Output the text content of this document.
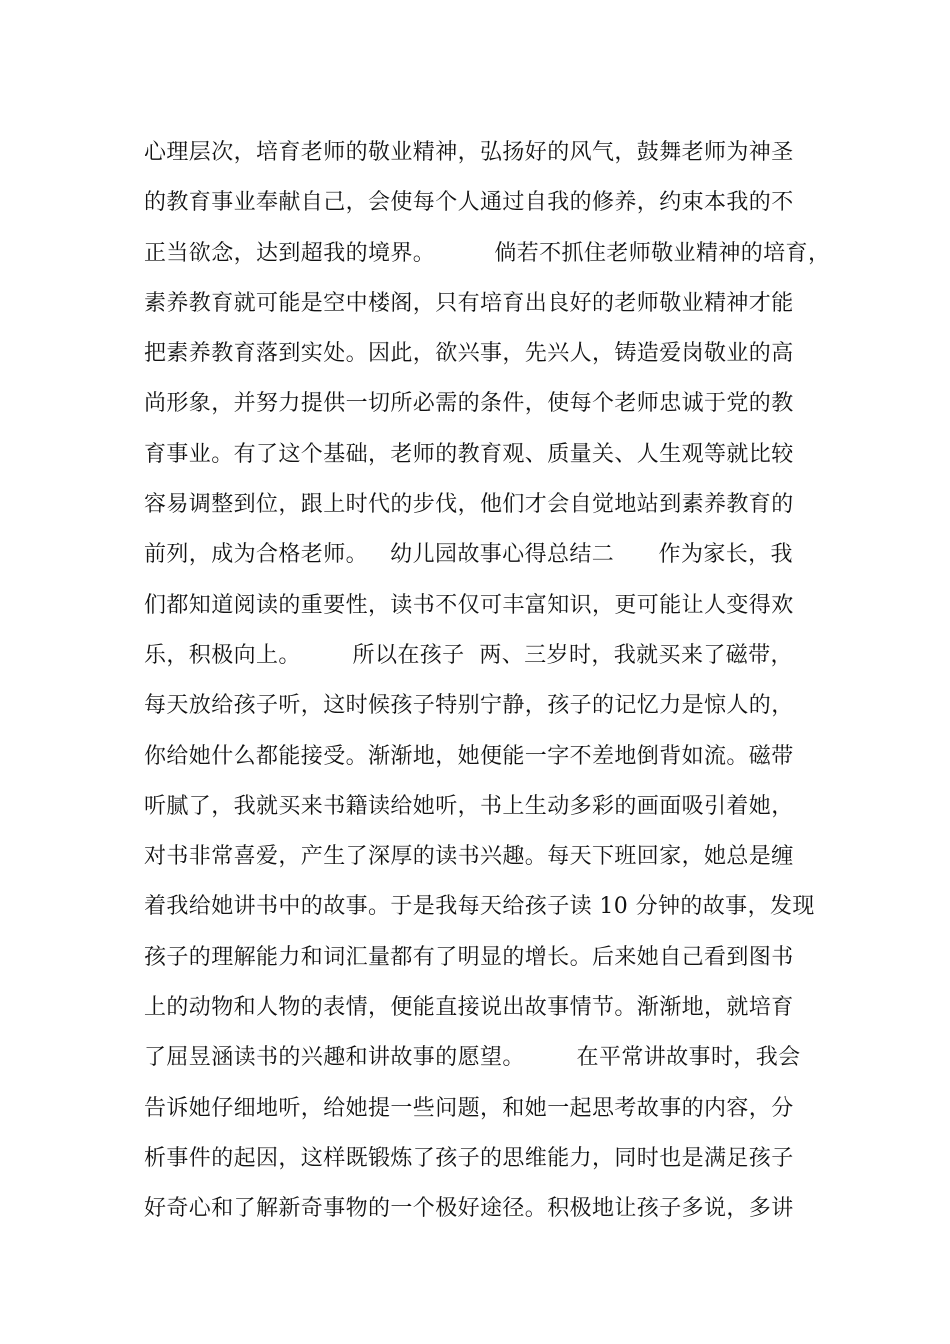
心理层次，培育老师的敬业精神，弘扬好的风气，鼓舞老师为神圣
的教育事业奉献自己，会使每个人通过自我的修养，约束本我的不
正当欲念，达到超我的境界。        倘若不抓住老师敬业精神的培育，
素养教育就可能是空中楼阁，只有培育出良好的老师敬业精神才能
把素养教育落到实处。因此，欲兴事，先兴人，铸造爱岗敬业的高
尚形象，并努力提供一切所必需的条件，使每个老师忠诚于党的教
育事业。有了这个基础，老师的教育观、质量关、人生观等就比较
容易调整到位，跟上时代的步伐，他们才会自觉地站到素养教育的
前列，成为合格老师。   幼儿园故事心得总结二      作为家长，我
们都知道阅读的重要性，读书不仅可丰富知识，更可能让人变得欢
乐，积极向上。       所以在孩子  两、三岁时，我就买来了磁带，
每天放给孩子听，这时候孩子特别宁静，孩子的记忆力是惊人的，
你给她什么都能接受。渐渐地，她便能一字不差地倒背如流。磁带
听腻了，我就买来书籍读给她听，书上生动多彩的画面吸引着她，
对书非常喜爱，产生了深厚的读书兴趣。每天下班回家，她总是缠
着我给她讲书中的故事。于是我每天给孩子读 10 分钟的故事，发现
孩子的理解能力和词汇量都有了明显的增长。后来她自己看到图书
上的动物和人物的表情，便能直接说出故事情节。渐渐地，就培育
了屈昱涵读书的兴趣和讲故事的愿望。       在平常讲故事时，我会
告诉她仔细地听，给她提一些问题，和她一起思考故事的内容，分
析事件的起因，这样既锻炼了孩子的思维能力，同时也是满足孩子
好奇心和了解新奇事物的一个极好途径。积极地让孩子多说，多讲
